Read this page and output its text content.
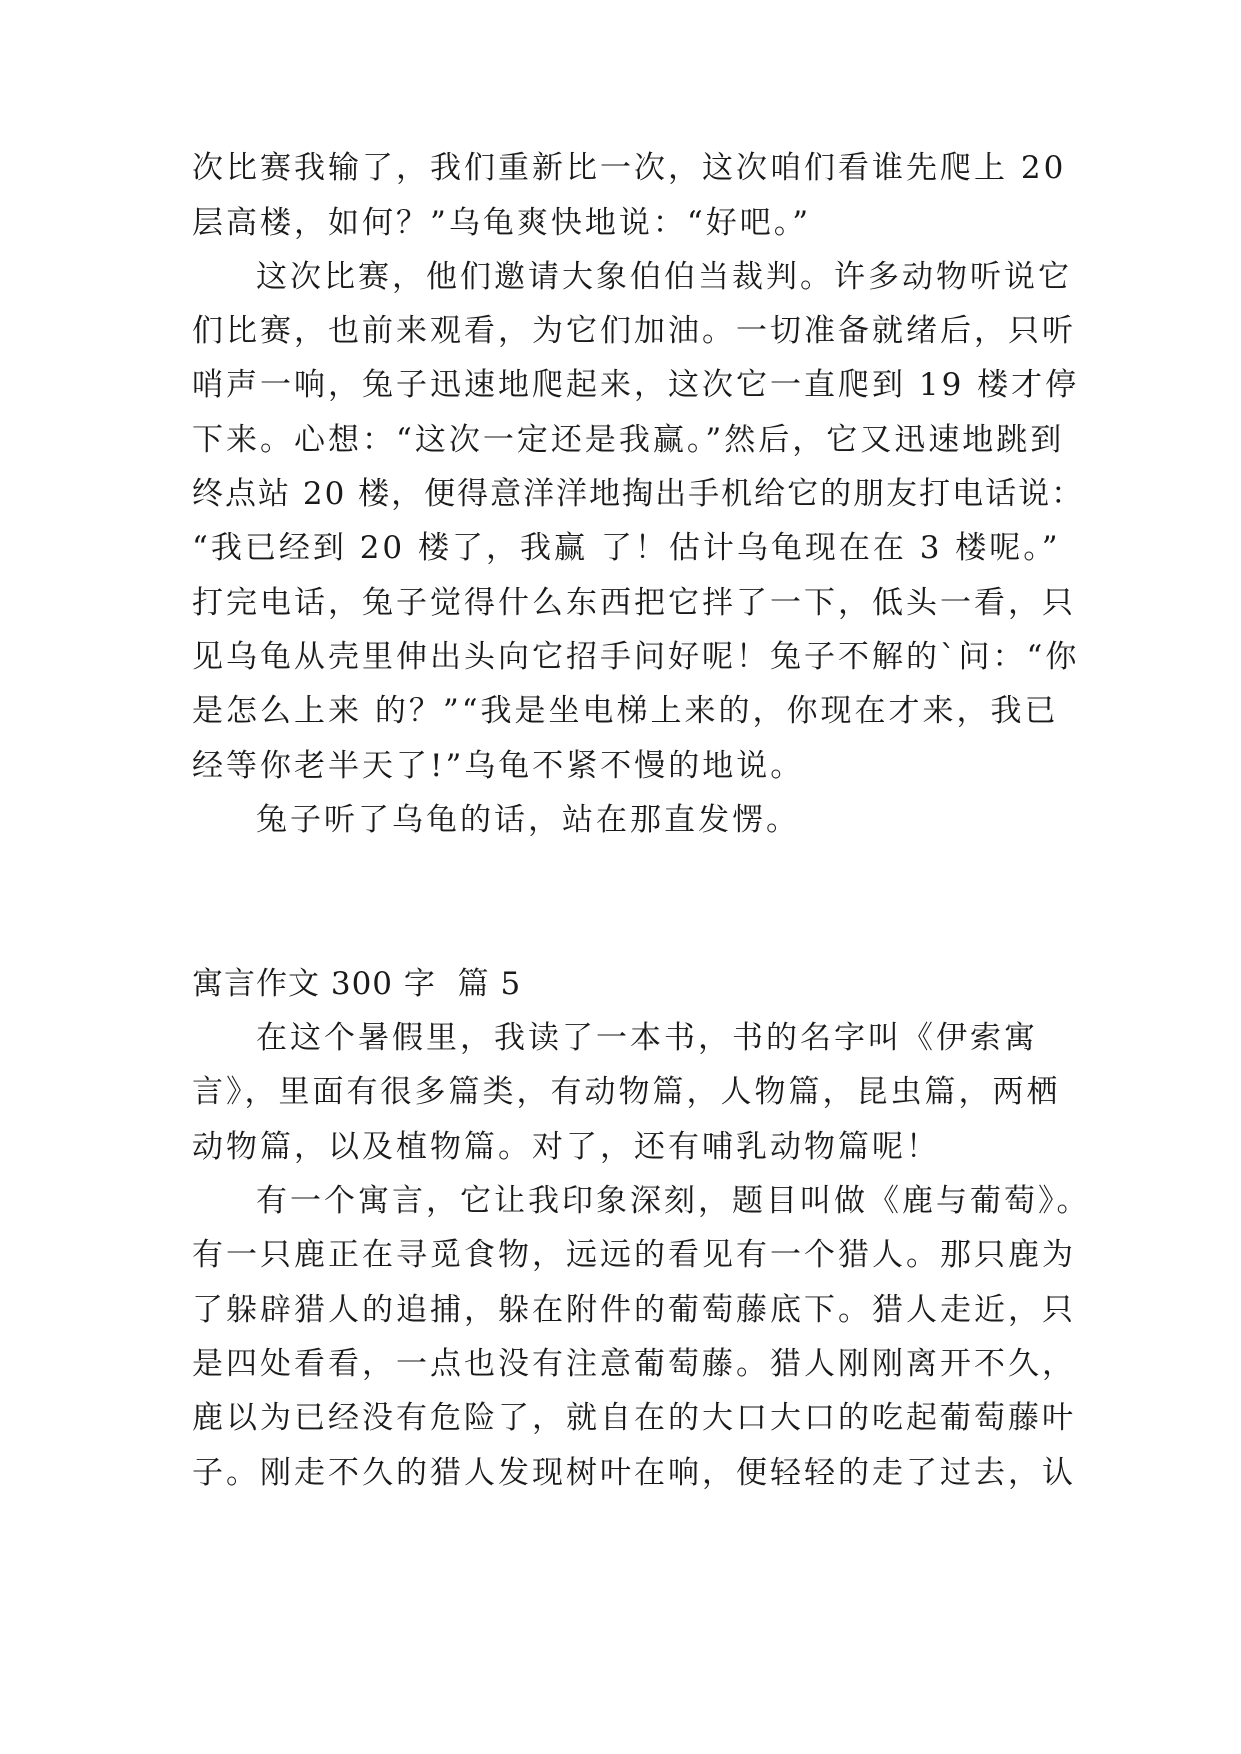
次比赛我输了，我们重新比一次，这次咱们看谁先爬上 20
层高楼，如何？”乌龟爽快地说：“好吧。”
这次比赛，他们邀请大象伯伯当裁判。许多动物听说它
们比赛，也前来观看，为它们加油。一切准备就绪后，只听
哨声一响，兔子迅速地爬起来，这次它一直爬到 19 楼才停
下来。心想：“这次一定还是我赢。”然后，它又迅速地跳到
终点站 20 楼，便得意洋洋地掏出手机给它的朋友打电话说：
“我已经到 20 楼了，我赢 了！估计乌龟现在在 3 楼呢。”
打完电话，兔子觉得什么东西把它拌了一下，低头一看，只
见乌龟从壳里伸出头向它招手问好呢！兔子不解的`问：“你
是怎么上来 的？”“我是坐电梯上来的，你现在才来，我已
经等你老半天了!”乌龟不紧不慢的地说。
兔子听了乌龟的话，站在那直发愣。
寓言作文 300 字  篇 5
在这个暑假里，我读了一本书，书的名字叫《伊索寓
言》，里面有很多篇类，有动物篇，人物篇，昆虫篇，两栖
动物篇，以及植物篇。对了，还有哺乳动物篇呢！
有一个寓言，它让我印象深刻，题目叫做《鹿与葡萄》。
有一只鹿正在寻觅食物，远远的看见有一个猎人。那只鹿为
了躲辟猎人的追捕，躲在附件的葡萄藤底下。猎人走近，只
是四处看看，一点也没有注意葡萄藤。猎人刚刚离开不久，
鹿以为已经没有危险了，就自在的大口大口的吃起葡萄藤叶
子。刚走不久的猎人发现树叶在响，便轻轻的走了过去，认
